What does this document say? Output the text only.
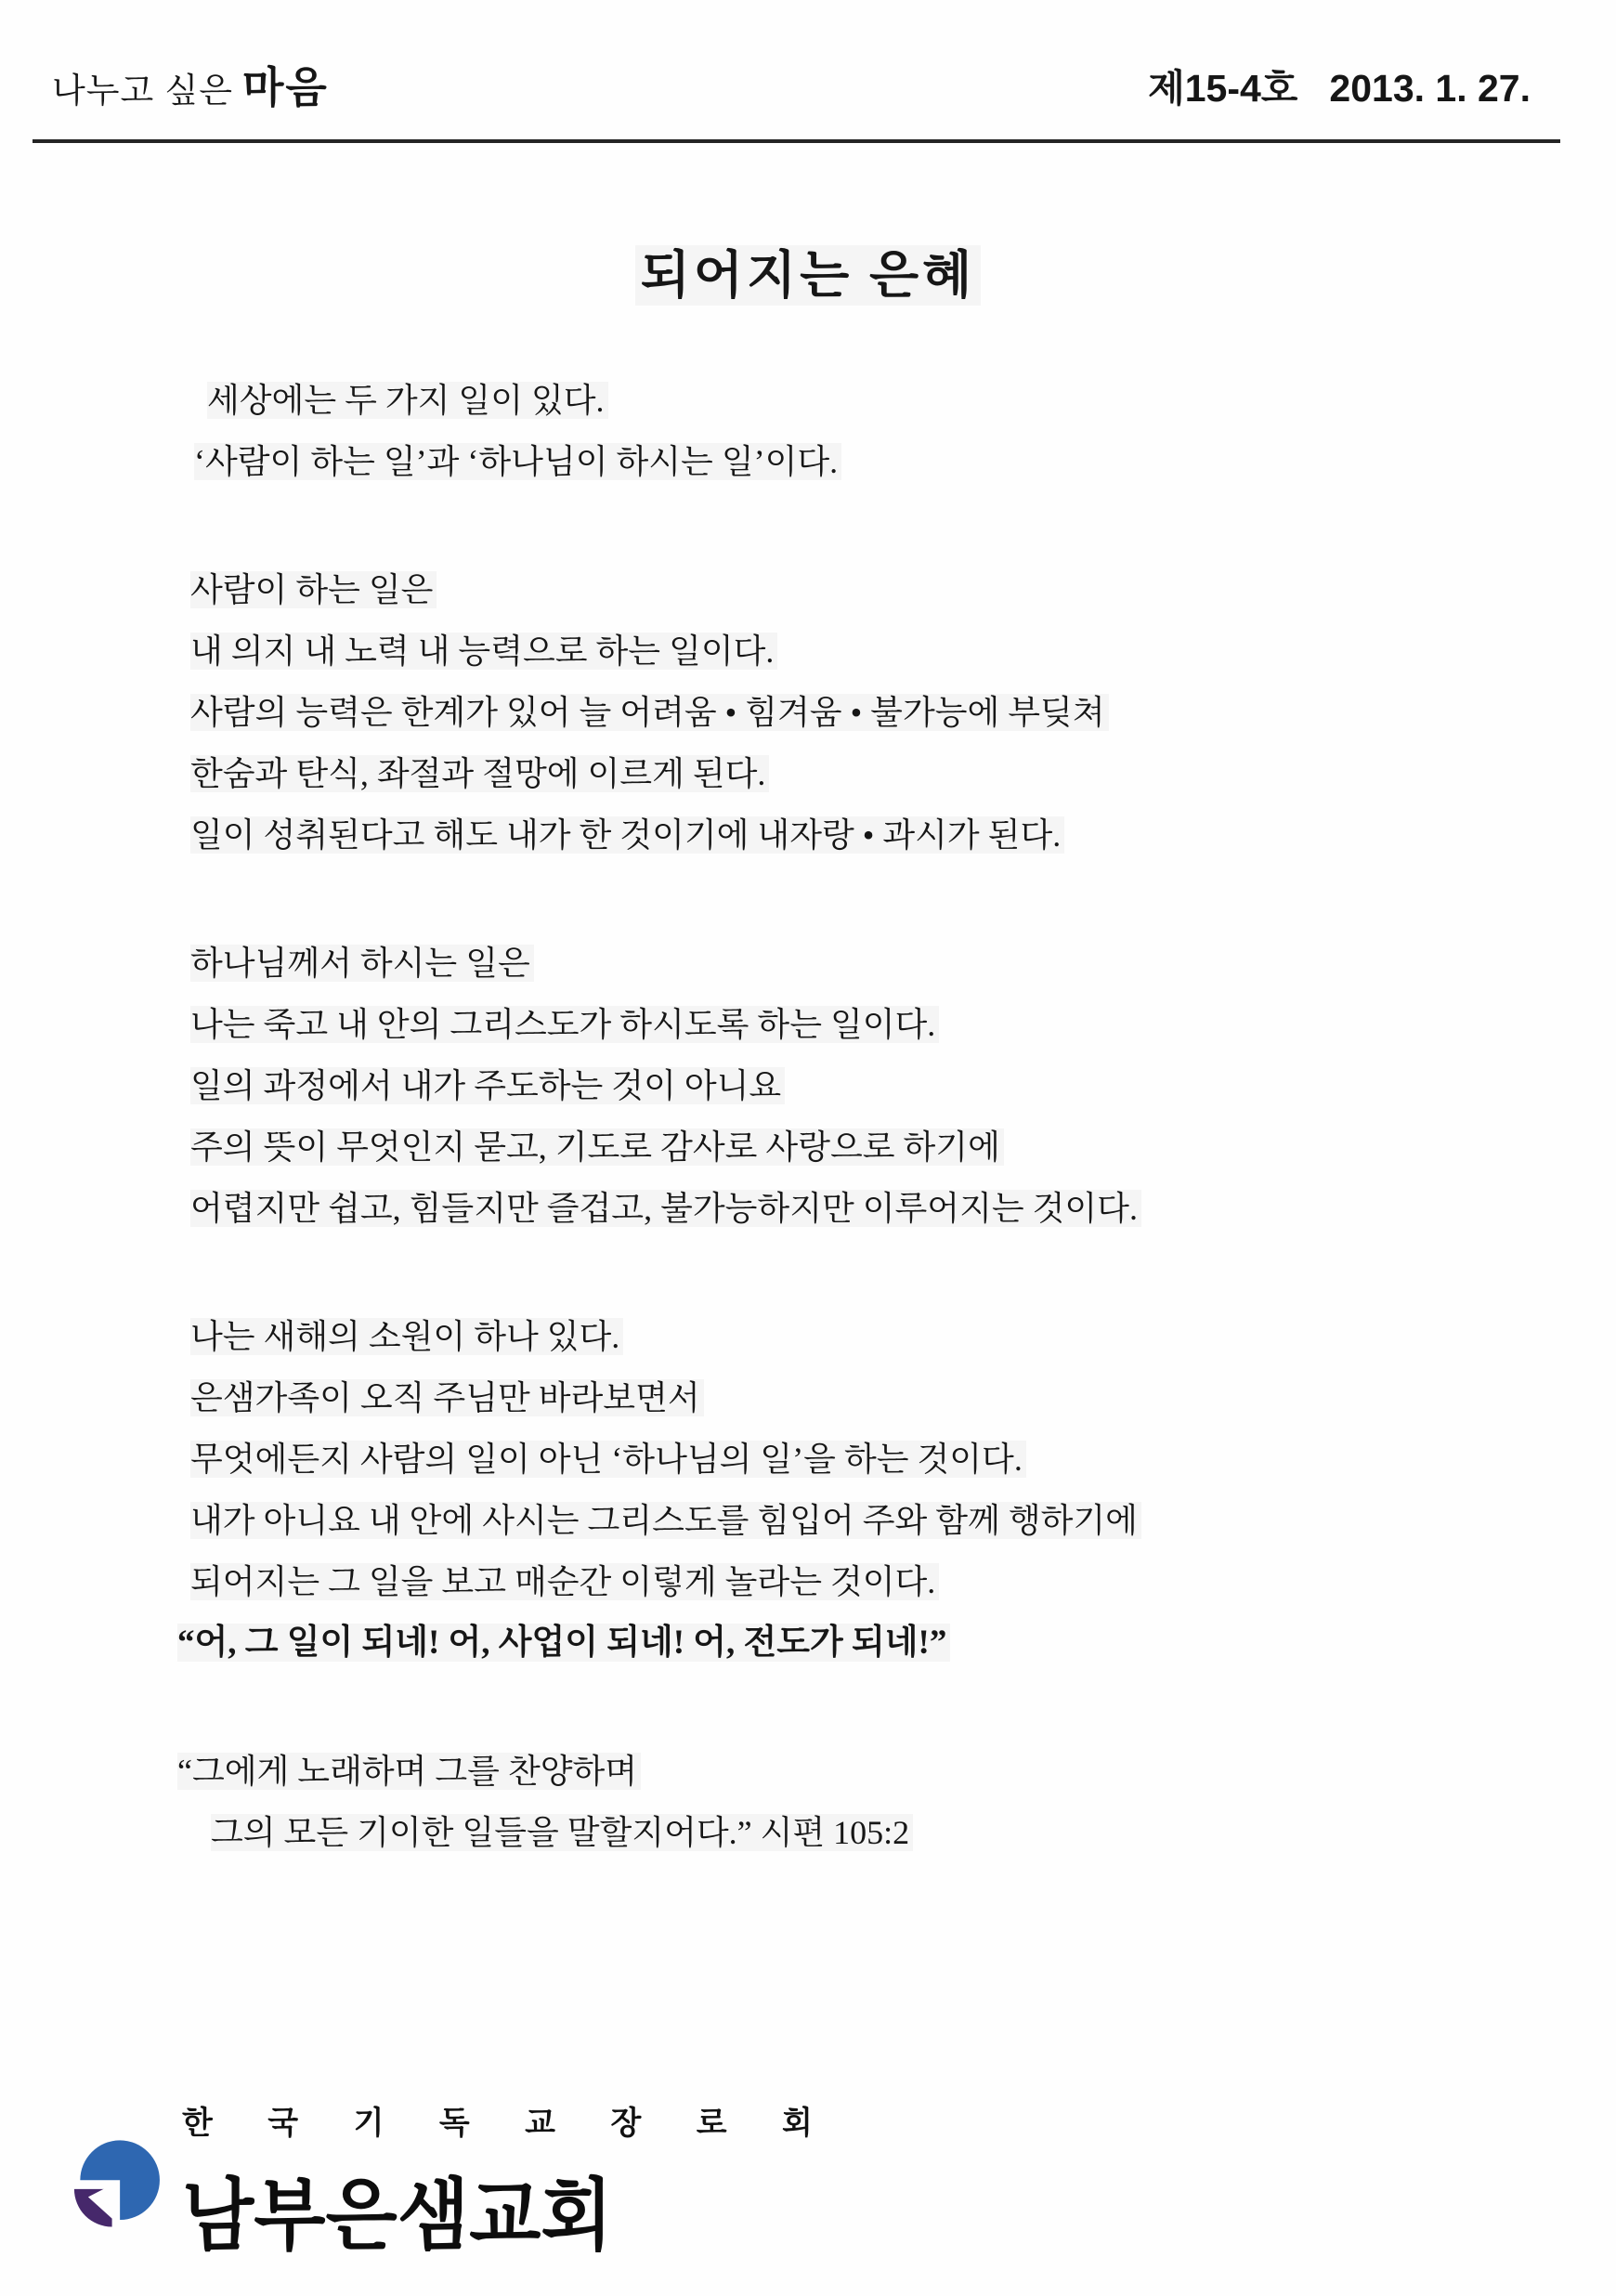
나누고 싶은 마음	제15-4호 2013. 1. 27.
되어지는 은혜
세상에는 두 가지 일이 있다.
‘사람이 하는 일’과 ‘하나님이 하시는 일’이다.
사람이 하는 일은
내 의지 내 노력 내 능력으로 하는 일이다.
사람의 능력은 한계가 있어 늘 어려움 • 힘겨움 • 불가능에 부딪쳐
한숨과 탄식, 좌절과 절망에 이르게 된다.
일이 성취된다고 해도 내가 한 것이기에 내자랑 • 과시가 된다.
하나님께서 하시는 일은
나는 죽고 내 안의 그리스도가 하시도록 하는 일이다.
일의 과정에서 내가 주도하는 것이 아니요
주의 뜻이 무엇인지 묻고, 기도로 감사로 사랑으로 하기에
어렵지만 쉽고, 힘들지만 즐겁고, 불가능하지만 이루어지는 것이다.
나는 새해의 소원이 하나 있다.
은샘가족이 오직 주님만 바라보면서
무엇에든지 사람의 일이 아닌 ‘하나님의 일’을 하는 것이다.
내가 아니요 내 안에 사시는 그리스도를 힘입어 주와 함께 행하기에
되어지는 그 일을 보고 매순간 이렇게 놀라는 것이다.
“어, 그 일이 되네! 어, 사업이 되네! 어, 전도가 되네!”
“그에게 노래하며 그를 찬양하며
그의 모든 기이한 일들을 말할지어다.” 시편 105:2
한 국 기 독 교 장 로 회
남부은샘교회
